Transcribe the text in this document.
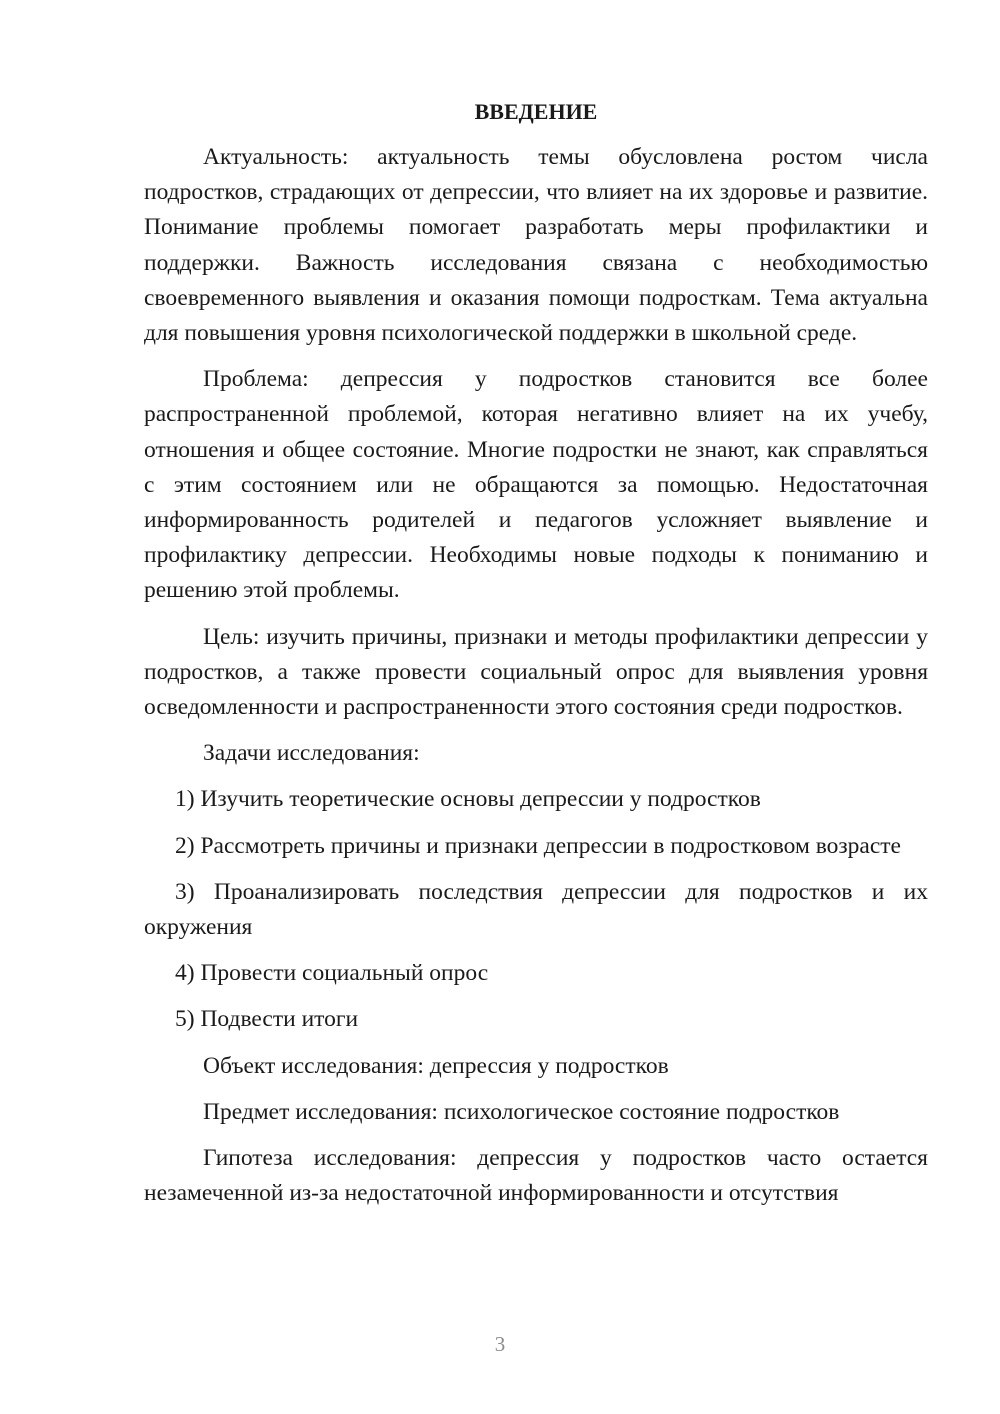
ВВЕДЕНИЕ

Актуальность: актуальность темы обусловлена ростом числа подростков, страдающих от депрессии, что влияет на их здоровье и развитие. Понимание проблемы помогает разработать меры профилактики и поддержки. Важность исследования связана с необходимостью своевременного выявления и оказания помощи подросткам. Тема актуальна для повышения уровня психологической поддержки в школьной среде.

Проблема: депрессия у подростков становится все более распространенной проблемой, которая негативно влияет на их учебу, отношения и общее состояние. Многие подростки не знают, как справляться с этим состоянием или не обращаются за помощью. Недостаточная информированность родителей и педагогов усложняет выявление и профилактику депрессии. Необходимы новые подходы к пониманию и решению этой проблемы.

Цель: изучить причины, признаки и методы профилактики депрессии у подростков, а также провести социальный опрос для выявления уровня осведомленности и распространенности этого состояния среди подростков.

Задачи исследования:

1) Изучить теоретические основы депрессии у подростков

2) Рассмотреть причины и признаки депрессии в подростковом возрасте

3) Проанализировать последствия депрессии для подростков и их окружения

4) Провести социальный опрос

5) Подвести итоги

Объект исследования: депрессия у подростков

Предмет исследования: психологическое состояние подростков

Гипотеза исследования: депрессия у подростков часто остается незамеченной из-за недостаточной информированности и отсутствия

3
